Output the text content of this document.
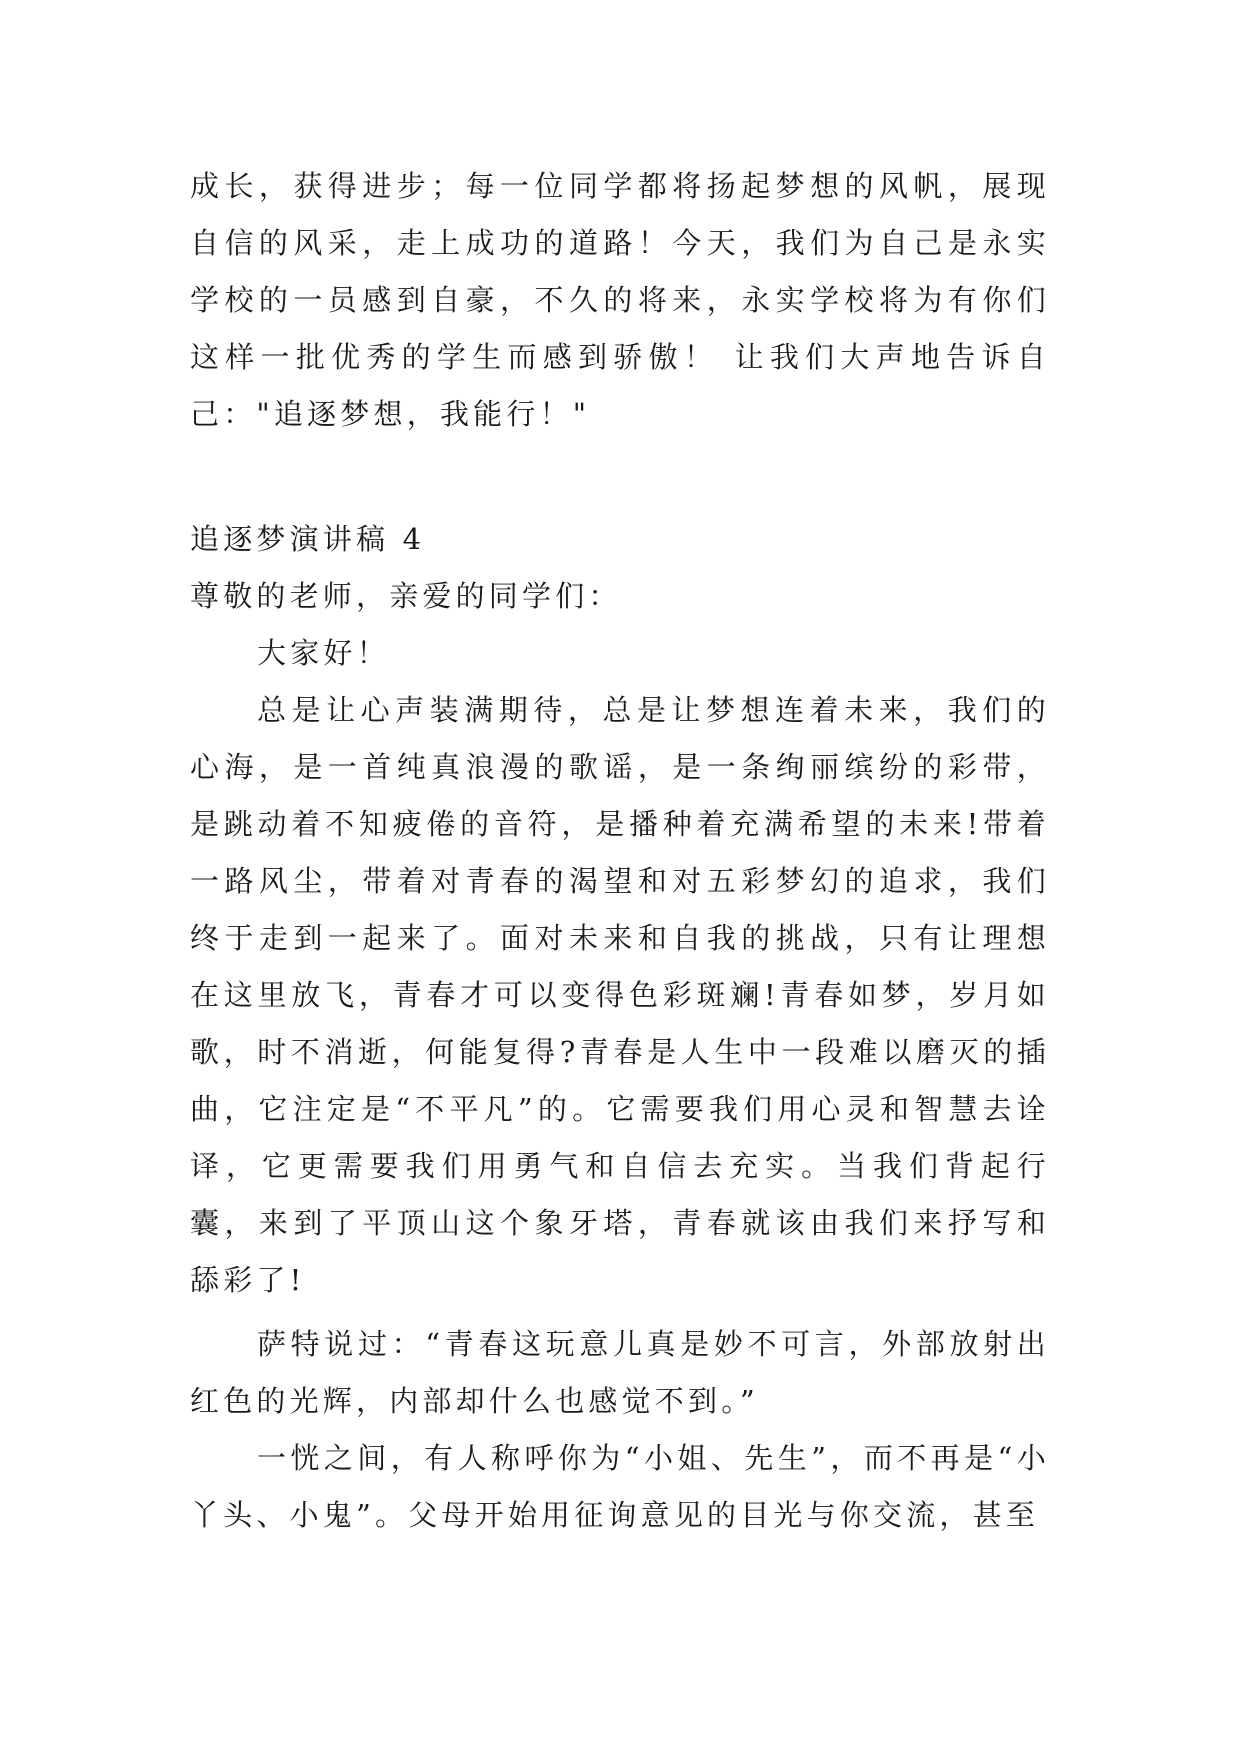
成长，获得进步；每一位同学都将扬起梦想的风帆，展现自信的风采，走上成功的道路！今天，我们为自己是永实学校的一员感到自豪，不久的将来，永实学校将为有你们这样一批优秀的学生而感到骄傲！ 让我们大声地告诉自己："追逐梦想，我能行！"
追逐梦演讲稿 4
尊敬的老师，亲爱的同学们：
大家好！
总是让心声装满期待，总是让梦想连着未来，我们的心海，是一首纯真浪漫的歌谣，是一条绚丽缤纷的彩带，是跳动着不知疲倦的音符，是播种着充满希望的未来!带着一路风尘，带着对青春的渴望和对五彩梦幻的追求，我们终于走到一起来了。面对未来和自我的挑战，只有让理想在这里放飞，青春才可以变得色彩斑斓!青春如梦，岁月如歌，时不消逝，何能复得?青春是人生中一段难以磨灭的插曲，它注定是“不平凡”的。它需要我们用心灵和智慧去诠译，它更需要我们用勇气和自信去充实。当我们背起行囊，来到了平顶山这个象牙塔，青春就该由我们来抒写和舔彩了!
萨特说过：“青春这玩意儿真是妙不可言，外部放射出红色的光辉，内部却什么也感觉不到。”
一恍之间，有人称呼你为“小姐、先生”，而不再是“小丫头、小鬼”。父母开始用征询意见的目光与你交流，甚至
